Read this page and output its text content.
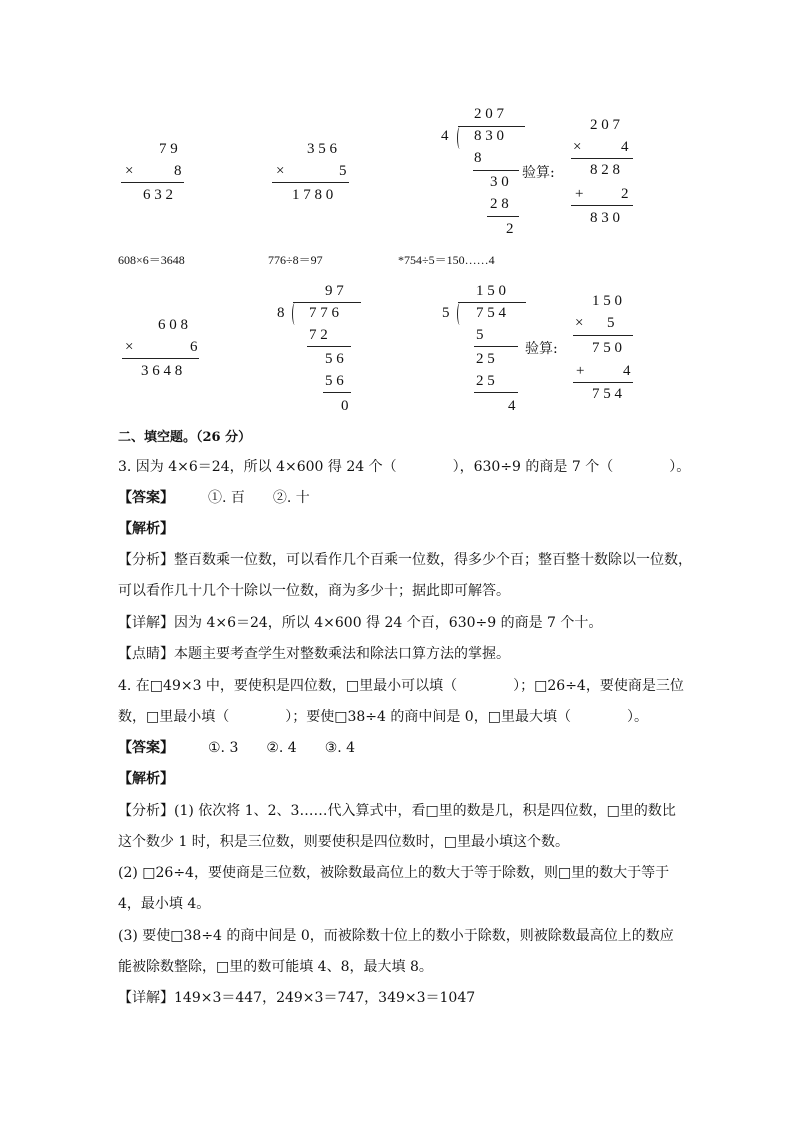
7 9
×	8
6 3 2
3 5 6
×	5
1 7 8 0
2 0 7
4 8 3 0
8
3 0
2 8
2
验算:
2 0 7
×	4
8 2 8
+	2
8 3 0
608×6＝3648	776÷8＝97	*754÷5＝150……4
6 0 8
×	6
3 6 4 8
9 7
8 7 7 6
7 2
5 6
5 6
0
1 5 0
5 7 5 4
5
2 5
2 5
4
验算:
1 5 0
× 5
7 5 0
+	4
7 5 4
二、填空题。（26 分）
3. 因为 4×6＝24，所以 4×600 得 24 个（　　　　），630÷9 的商是 7 个（　　　　）。
【答案】 ①. 百　　②. 十
【解析】
【分析】整百数乘一位数，可以看作几个百乘一位数，得多少个百；整百整十数除以一位数，
可以看作几十几个十除以一位数，商为多少十；据此即可解答。
【详解】因为 4×6＝24，所以 4×600 得 24 个百，630÷9 的商是 7 个十。
【点睛】本题主要考查学生对整数乘法和除法口算方法的掌握。
4. 在□49×3 中，要使积是四位数，□里最小可以填（　　　　）；□26÷4，要使商是三位
数，□里最小填（　　　　）；要使□38÷4 的商中间是 0，□里最大填（　　　　）。
【答案】 ①. 3　　②. 4　　③. 4
【解析】
【分析】(1) 依次将 1、2、3……代入算式中，看□里的数是几，积是四位数，□里的数比
这个数少 1 时，积是三位数，则要使积是四位数时，□里最小填这个数。
(2) □26÷4，要使商是三位数，被除数最高位上的数大于等于除数，则□里的数大于等于
4，最小填 4。
(3) 要使□38÷4 的商中间是 0，而被除数十位上的数小于除数，则被除数最高位上的数应
能被除数整除，□里的数可能填 4、8，最大填 8。
【详解】149×3＝447，249×3＝747，349×3＝1047
